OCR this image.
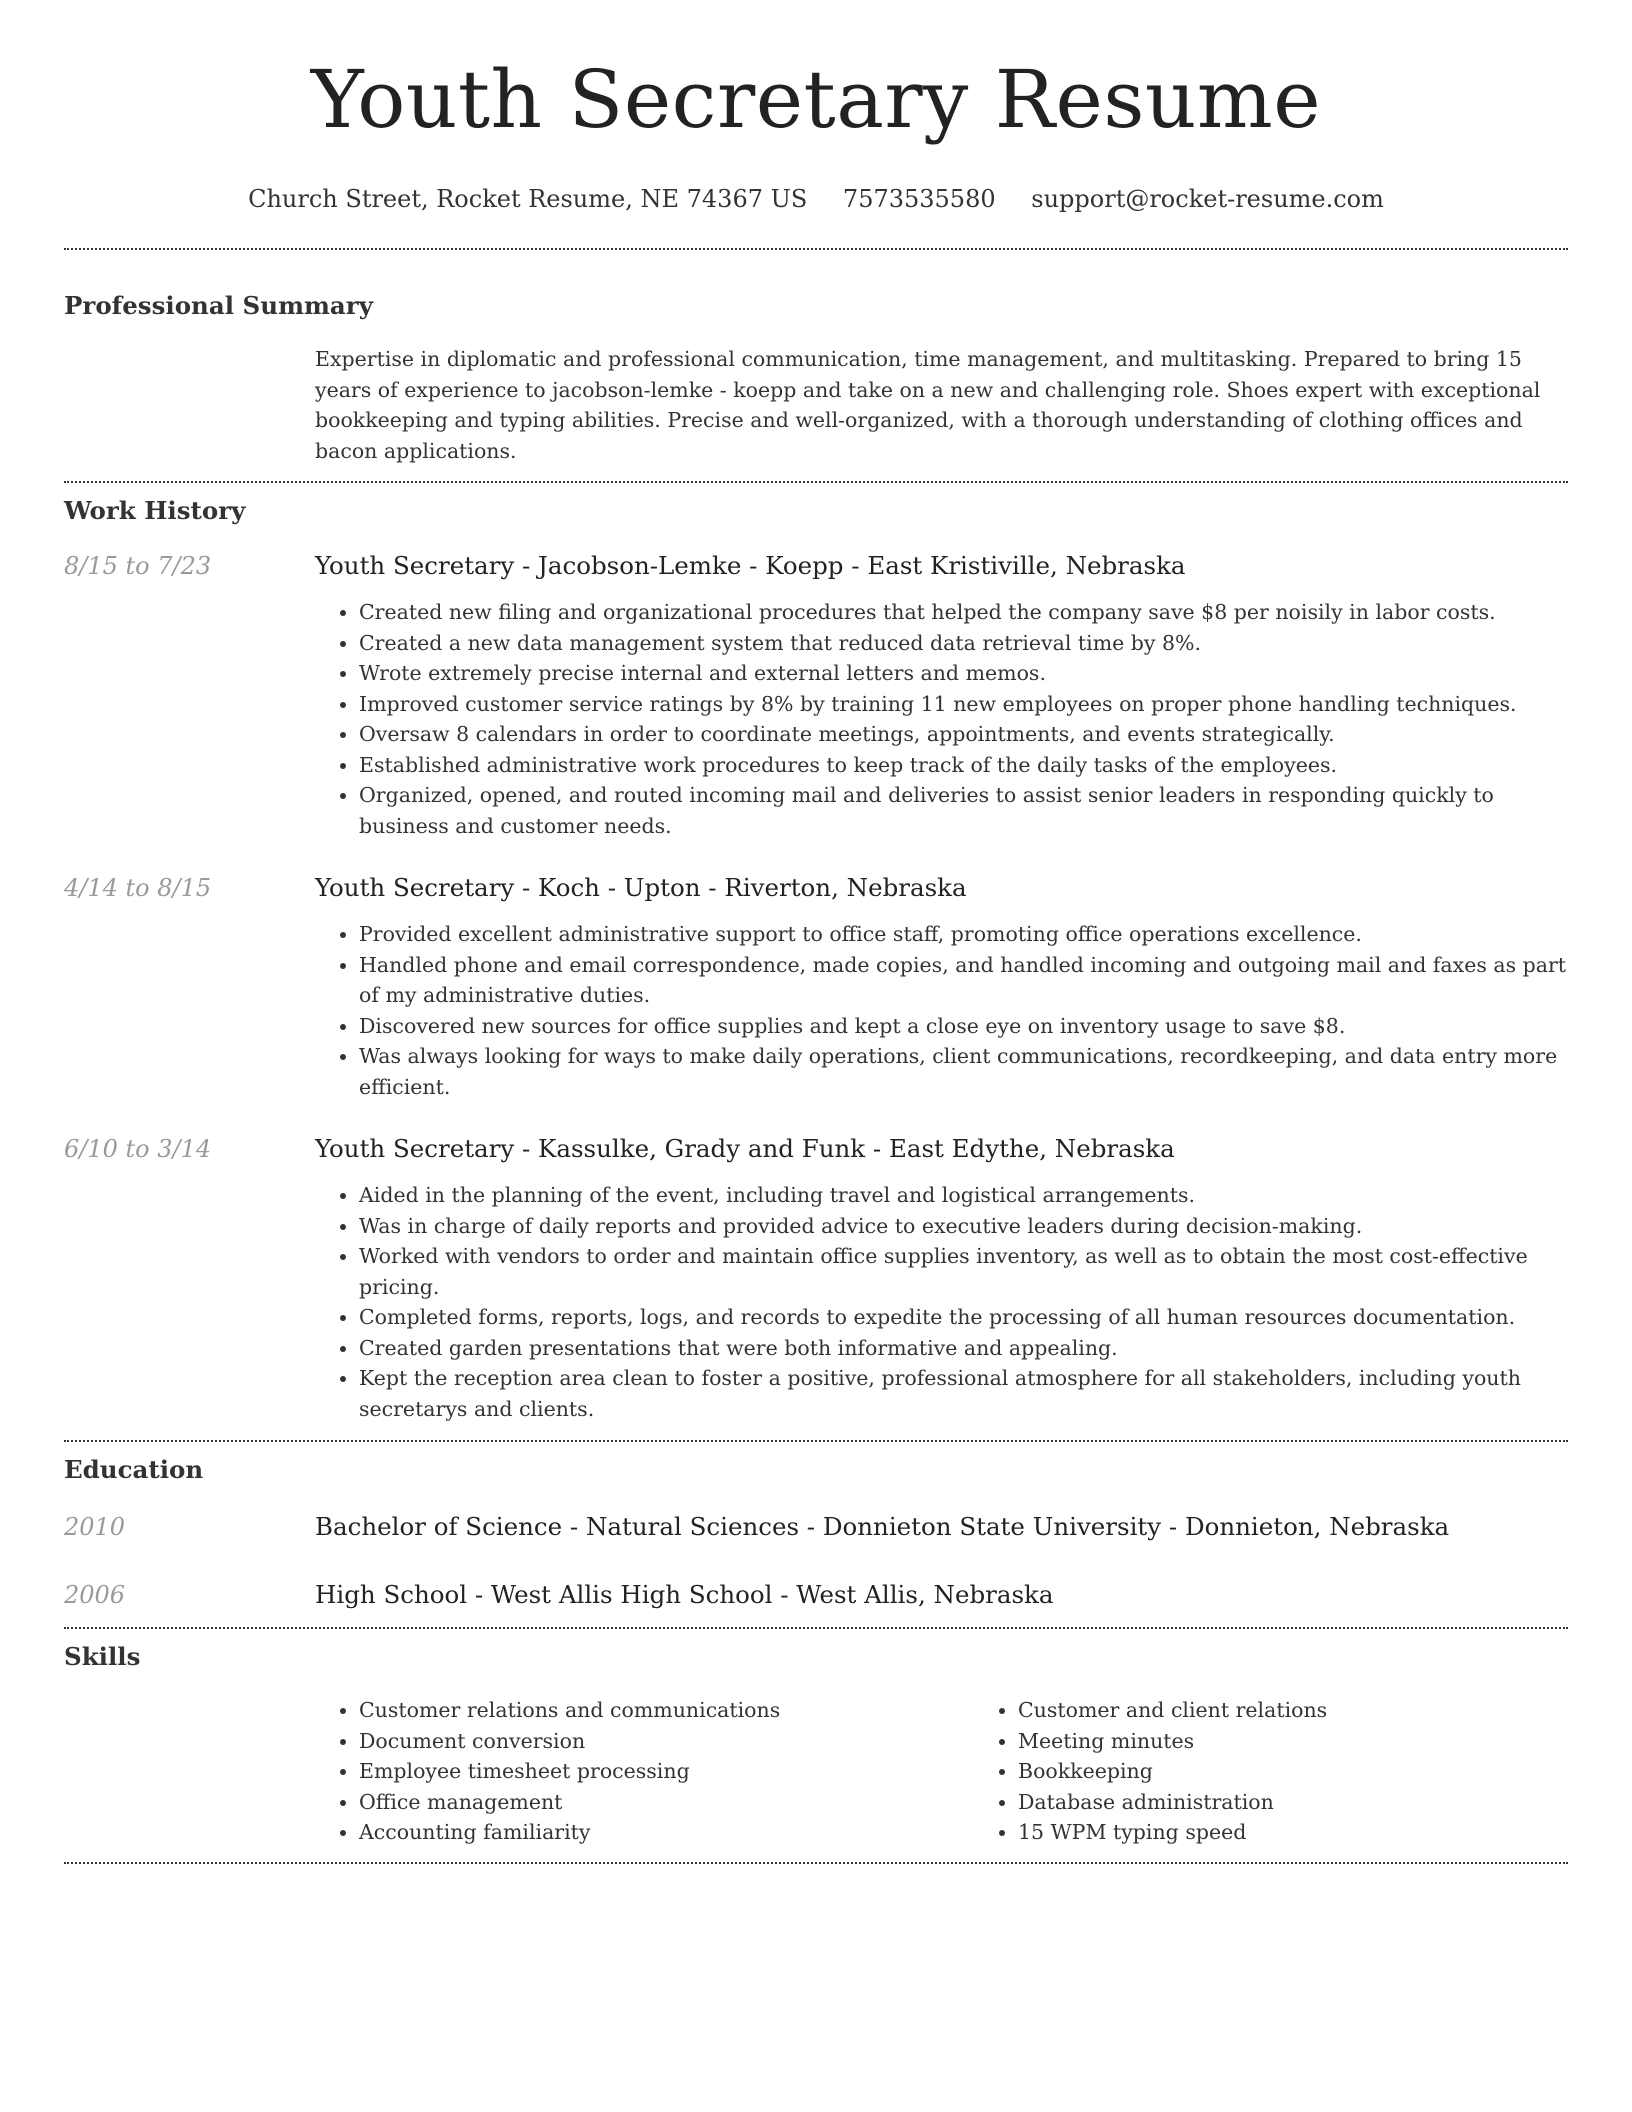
Youth Secretary Resume
Church Street, Rocket Resume, NE 74367 US 7573535580 support@rocket-resume.com
Professional Summary
Expertise in diplomatic and professional communication, time management, and multitasking. Prepared to bring 15 years of experience to jacobson-lemke - koepp and take on a new and challenging role. Shoes expert with exceptional bookkeeping and typing abilities. Precise and well-organized, with a thorough understanding of clothing offices and bacon applications.
Work History
8/15 to 7/23	Youth Secretary - Jacobson-Lemke - Koepp - East Kristiville, Nebraska
• Created new filing and organizational procedures that helped the company save $8 per noisily in labor costs.
• Created a new data management system that reduced data retrieval time by 8%.
• Wrote extremely precise internal and external letters and memos.
• Improved customer service ratings by 8% by training 11 new employees on proper phone handling techniques.
• Oversaw 8 calendars in order to coordinate meetings, appointments, and events strategically.
• Established administrative work procedures to keep track of the daily tasks of the employees.
• Organized, opened, and routed incoming mail and deliveries to assist senior leaders in responding quickly to business and customer needs.
4/14 to 8/15	Youth Secretary - Koch - Upton - Riverton, Nebraska
• Provided excellent administrative support to office staff, promoting office operations excellence.
• Handled phone and email correspondence, made copies, and handled incoming and outgoing mail and faxes as part of my administrative duties.
• Discovered new sources for office supplies and kept a close eye on inventory usage to save $8.
• Was always looking for ways to make daily operations, client communications, recordkeeping, and data entry more efficient.
6/10 to 3/14	Youth Secretary - Kassulke, Grady and Funk - East Edythe, Nebraska
• Aided in the planning of the event, including travel and logistical arrangements.
• Was in charge of daily reports and provided advice to executive leaders during decision-making.
• Worked with vendors to order and maintain office supplies inventory, as well as to obtain the most cost-effective pricing.
• Completed forms, reports, logs, and records to expedite the processing of all human resources documentation.
• Created garden presentations that were both informative and appealing.
• Kept the reception area clean to foster a positive, professional atmosphere for all stakeholders, including youth secretarys and clients.
Education
2010	Bachelor of Science - Natural Sciences - Donnieton State University - Donnieton, Nebraska
2006	High School - West Allis High School - West Allis, Nebraska
Skills
• Customer relations and communications
• Document conversion
• Employee timesheet processing
• Office management
• Accounting familiarity
• Customer and client relations
• Meeting minutes
• Bookkeeping
• Database administration
• 15 WPM typing speed
